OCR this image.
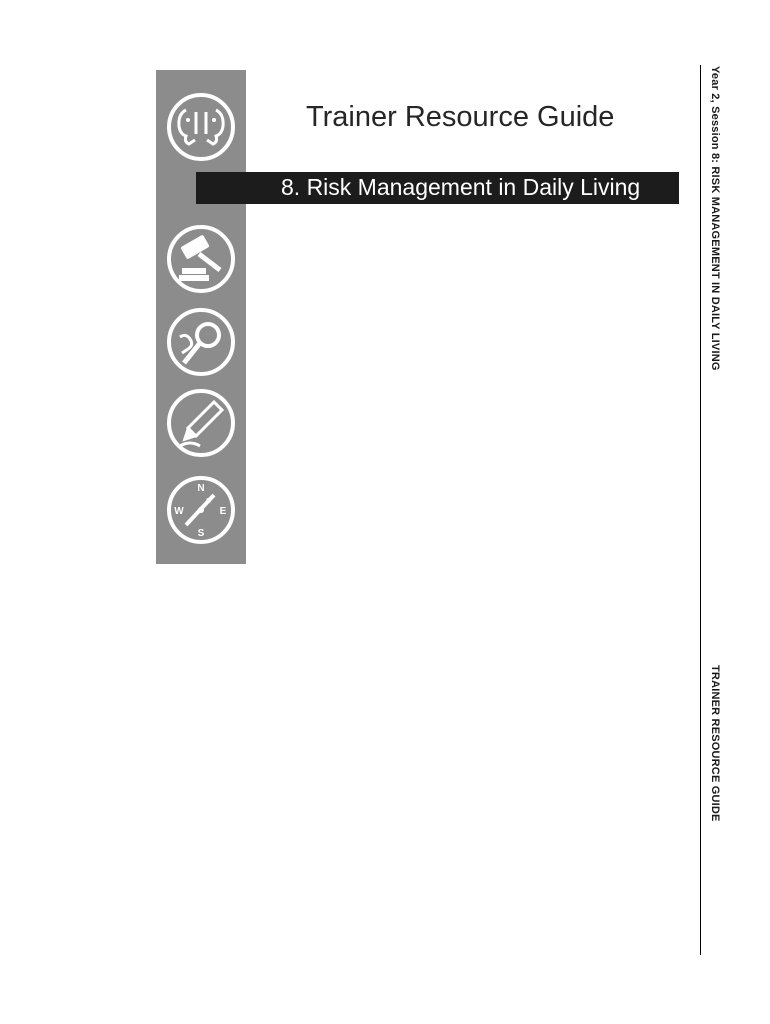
N
E
S
W
Trainer Resource Guide
8. Risk Management in Daily Living	Year 2, Session 8: RISK MANAGEMENT IN DAILY LIVING
TRAINER RESOURCE GUIDE
